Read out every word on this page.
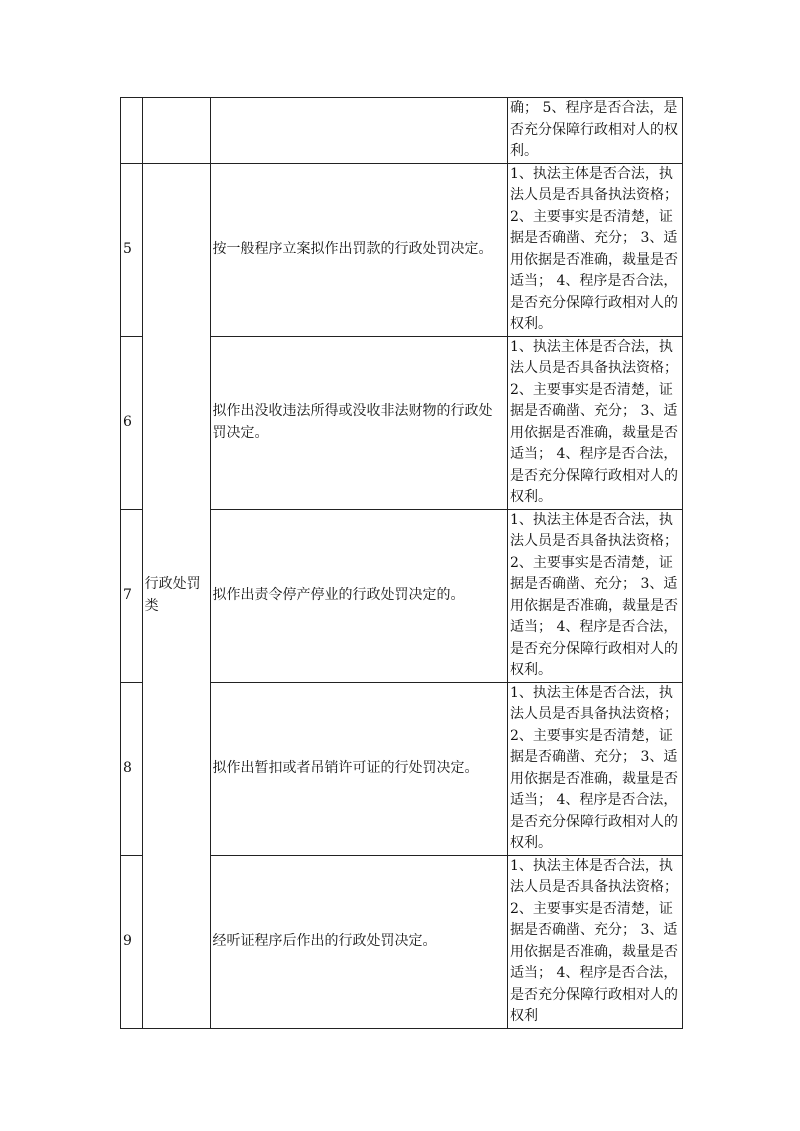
			确； 5、程序是否合法，是否充分保障行政相对人的权利。
5	行政处罚类	按一般程序立案拟作出罚款的行政处罚决定。	1、执法主体是否合法，执法人员是否具备执法资格； 2、主要事实是否清楚，证据是否确凿、充分； 3、适用依据是否准确，裁量是否适当； 4、程序是否合法，是否充分保障行政相对人的权利。
6		拟作出没收违法所得或没收非法财物的行政处罚决定。	1、执法主体是否合法，执法人员是否具备执法资格； 2、主要事实是否清楚，证据是否确凿、充分； 3、适用依据是否准确，裁量是否适当； 4、程序是否合法，是否充分保障行政相对人的权利。
7		拟作出责令停产停业的行政处罚决定的。	1、执法主体是否合法，执法人员是否具备执法资格； 2、主要事实是否清楚，证据是否确凿、充分； 3、适用依据是否准确，裁量是否适当； 4、程序是否合法，是否充分保障行政相对人的权利。
8		拟作出暂扣或者吊销许可证的行处罚决定。	1、执法主体是否合法，执法人员是否具备执法资格； 2、主要事实是否清楚，证据是否确凿、充分； 3、适用依据是否准确，裁量是否适当； 4、程序是否合法，是否充分保障行政相对人的权利。
9		经听证程序后作出的行政处罚决定。	1、执法主体是否合法，执法人员是否具备执法资格； 2、主要事实是否清楚，证据是否确凿、充分； 3、适用依据是否准确，裁量是否适当； 4、程序是否合法，是否充分保障行政相对人的权利
